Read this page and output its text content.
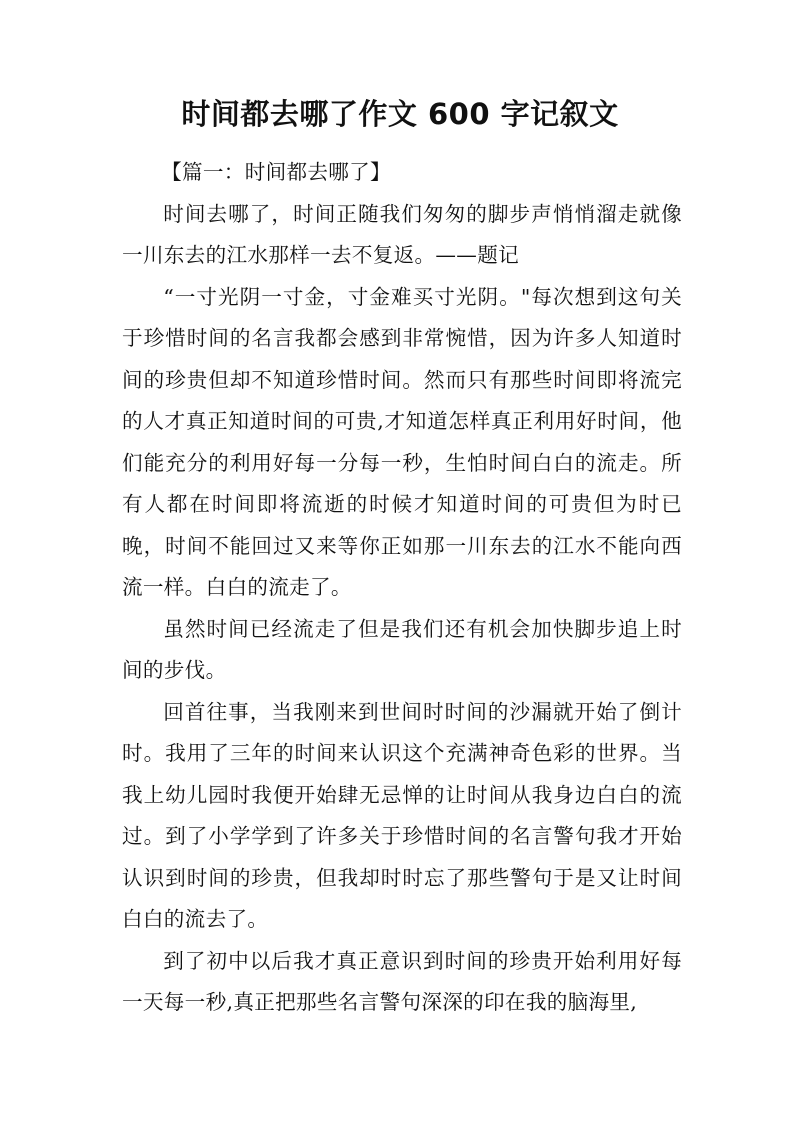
时间都去哪了作文 600 字记叙文

【篇一：时间都去哪了】

时间去哪了，时间正随我们匆匆的脚步声悄悄溜走就像一川东去的江水那样一去不复返。——题记

“一寸光阴一寸金，寸金难买寸光阴。"每次想到这句关于珍惜时间的名言我都会感到非常惋惜，因为许多人知道时间的珍贵但却不知道珍惜时间。然而只有那些时间即将流完的人才真正知道时间的可贵,才知道怎样真正利用好时间，他们能充分的利用好每一分每一秒，生怕时间白白的流走。所有人都在时间即将流逝的时候才知道时间的可贵但为时已晚，时间不能回过又来等你正如那一川东去的江水不能向西流一样。白白的流走了。

虽然时间已经流走了但是我们还有机会加快脚步追上时间的步伐。

回首往事，当我刚来到世间时时间的沙漏就开始了倒计时。我用了三年的时间来认识这个充满神奇色彩的世界。当我上幼儿园时我便开始肆无忌惮的让时间从我身边白白的流过。到了小学学到了许多关于珍惜时间的名言警句我才开始认识到时间的珍贵，但我却时时忘了那些警句于是又让时间白白的流去了。

到了初中以后我才真正意识到时间的珍贵开始利用好每一天每一秒,真正把那些名言警句深深的印在我的脑海里,
